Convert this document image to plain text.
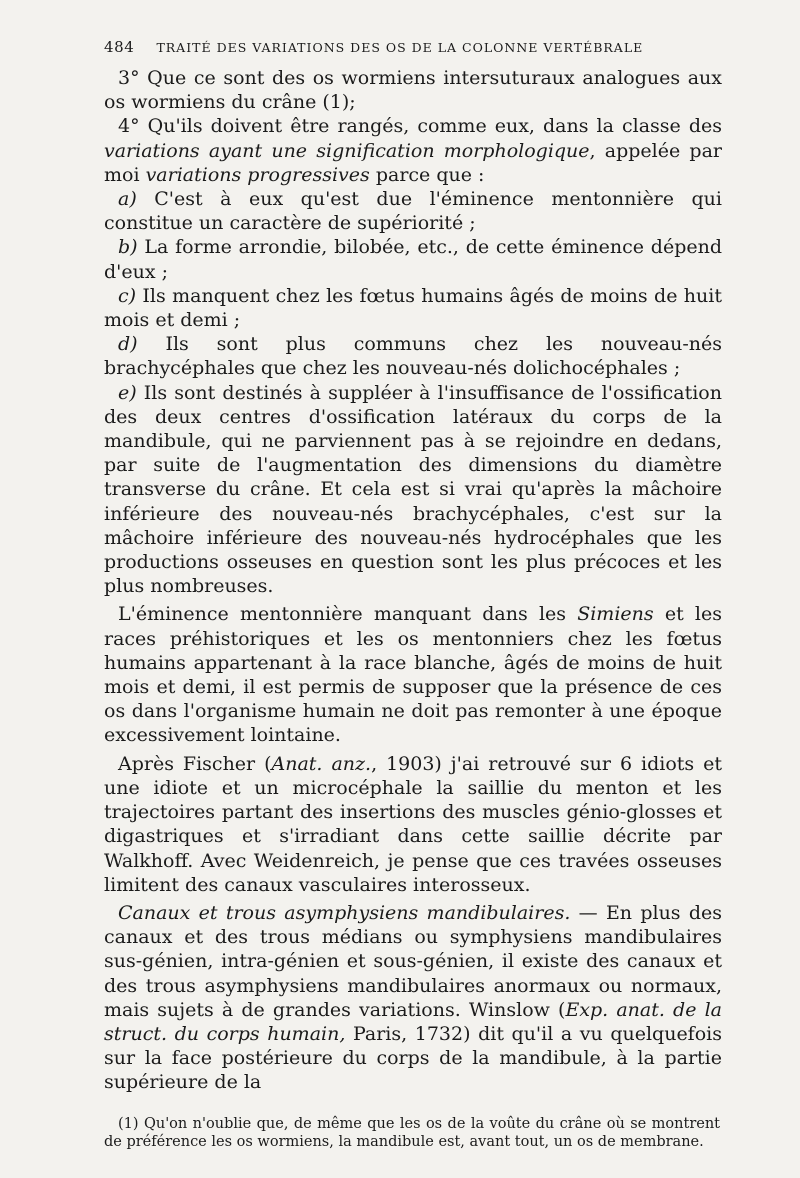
484 TRAITÉ DES VARIATIONS DES OS DE LA COLONNE VERTÉBRALE

3° Que ce sont des os wormiens intersuturaux analogues aux os wormiens du crâne (1);

4° Qu'ils doivent être rangés, comme eux, dans la classe des variations ayant une signification morphologique, appelée par moi variations progressives parce que :

a) C'est à eux qu'est due l'éminence mentonnière qui constitue un caractère de supériorité ;

b) La forme arrondie, bilobée, etc., de cette éminence dépend d'eux ;

c) Ils manquent chez les fœtus humains âgés de moins de huit mois et demi ;

d) Ils sont plus communs chez les nouveau-nés brachycéphales que chez les nouveau-nés dolichocéphales ;

e) Ils sont destinés à suppléer à l'insuffisance de l'ossification des deux centres d'ossification latéraux du corps de la mandibule, qui ne parviennent pas à se rejoindre en dedans, par suite de l'augmentation des dimensions du diamètre transverse du crâne. Et cela est si vrai qu'après la mâchoire inférieure des nouveau-nés brachycéphales, c'est sur la mâchoire inférieure des nouveau-nés hydrocéphales que les productions osseuses en question sont les plus précoces et les plus nombreuses.

L'éminence mentonnière manquant dans les Simiens et les races préhistoriques et les os mentonniers chez les fœtus humains appartenant à la race blanche, âgés de moins de huit mois et demi, il est permis de supposer que la présence de ces os dans l'organisme humain ne doit pas remonter à une époque excessivement lointaine.

Après Fischer (Anat. anz., 1903) j'ai retrouvé sur 6 idiots et une idiote et un microcéphale la saillie du menton et les trajectoires partant des insertions des muscles génio-glosses et digastriques et s'irradiant dans cette saillie décrite par Walkhoff. Avec Weidenreich, je pense que ces travées osseuses limitent des canaux vasculaires interosseux.

Canaux et trous asymphysiens mandibulaires. — En plus des canaux et des trous médians ou symphysiens mandibulaires sus-génien, intra-génien et sous-génien, il existe des canaux et des trous asymphysiens mandibulaires anormaux ou normaux, mais sujets à de grandes variations. Winslow (Exp. anat. de la struct. du corps humain, Paris, 1732) dit qu'il a vu quelquefois sur la face postérieure du corps de la mandibule, à la partie supérieure de la

(1) Qu'on n'oublie que, de même que les os de la voûte du crâne où se montrent de préférence les os wormiens, la mandibule est, avant tout, un os de membrane.
